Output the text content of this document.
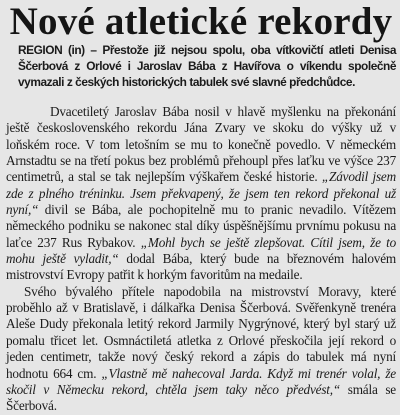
Nové atletické rekordy

REGION (in) – Přestože již nejsou spolu, oba vítkovičtí atleti Denisa Ščerbová z Orlové i Jaroslav Bába z Havířova o víkendu společně vymazali z českých historických tabulek své slavné předchůdce.

Dvacetiletý Jaroslav Bába nosil v hlavě myšlenku na překonání ještě československého rekordu Jána Zvary ve skoku do výšky už v loňském roce. V tom letošním se mu to konečně povedlo. V německém Arnstadtu se na třetí pokus bez problémů přehoupl přes laťku ve výšce 237 centimetrů, a stal se tak nejlepším výškařem české historie. „Závodil jsem zde z plného tréninku. Jsem překvapený, že jsem ten rekord překonal už nyní,“ divil se Bába, ale pochopitelně mu to pranic nevadilo. Vítězem německého podniku se nakonec stal díky úspěšnějšímu prvnímu pokusu na laťce 237 Rus Rybakov. „Mohl bych se ještě zlepšovat. Cítil jsem, že to mohu ještě vyladit,“ dodal Bába, který bude na březnovém halovém mistrovství Evropy patřit k horkým favoritům na medaile.

Svého bývalého přítele napodobila na mistrovství Moravy, které proběhlo až v Bratislavě, i dálkařka Denisa Ščerbová. Svěřenkyně trenéra Aleše Dudy překonala letitý rekord Jarmily Nygrýnové, který byl starý už pomalu třicet let. Osmnáctiletá atletka z Orlové přeskočila její rekord o jeden centimetr, takže nový český rekord a zápis do tabulek má nyní hodnotu 664 cm. „Vlastně mě nahecoval Jarda. Když mi trenér volal, že skočil v Německu rekord, chtěla jsem taky něco předvést,“ smála se Ščerbová.
